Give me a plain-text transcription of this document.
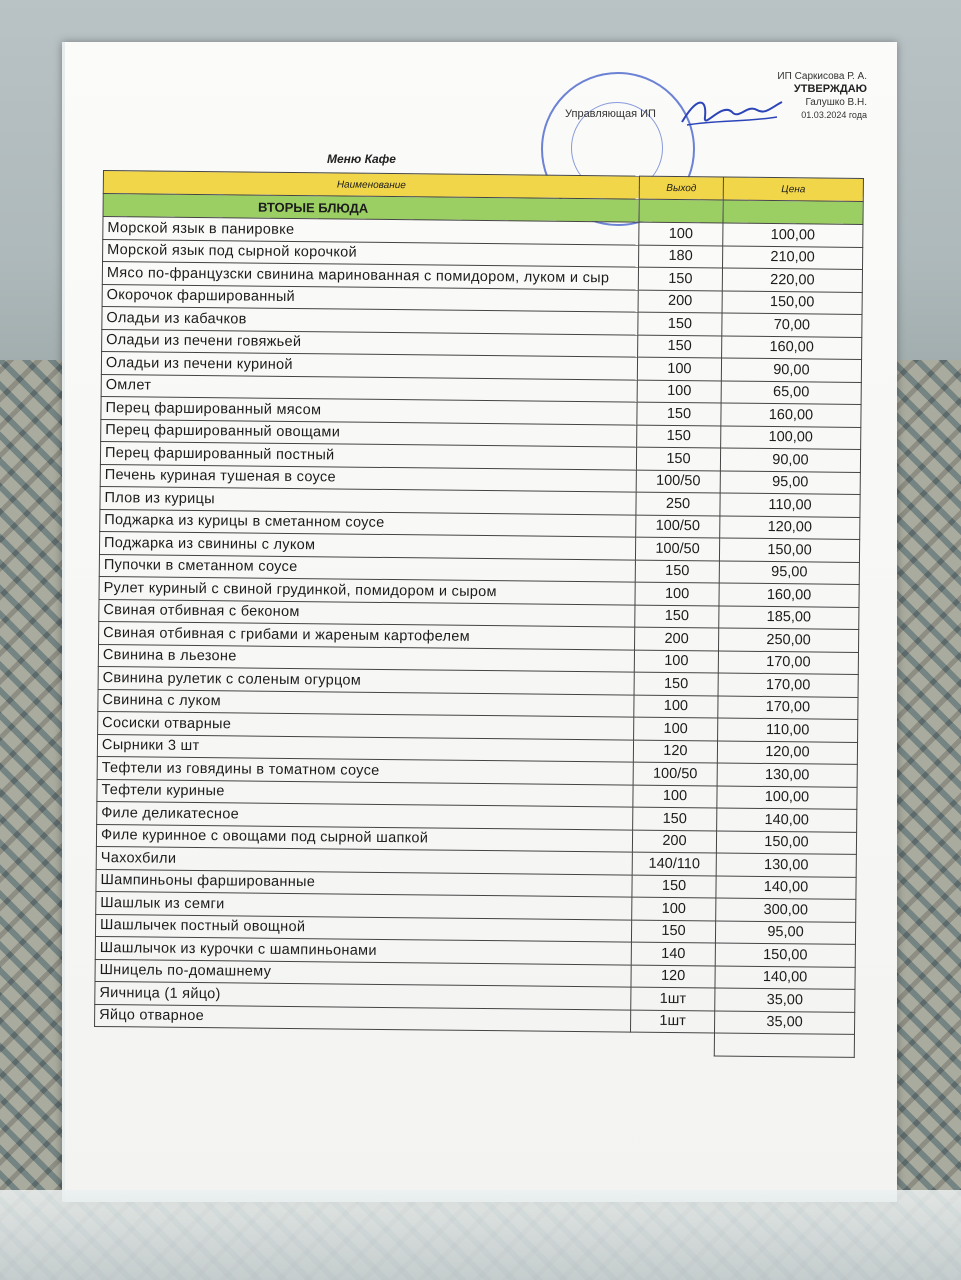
ИП Саркисова Р. А.
УТВЕРЖДАЮ
Галушко В.Н.
01.03.2024 года
Управляющая ИП
Меню Кафе
Наименование	Выход	Цена
ВТОРЫЕ БЛЮДА		
Морской язык в панировке	100	100,00
Морской язык под сырной корочкой	180	210,00
Мясо по-французски свинина маринованная с помидором, луком и сыр	150	220,00
Окорочок фаршированный	200	150,00
Оладьи из кабачков	150	70,00
Оладьи из печени говяжьей	150	160,00
Оладьи из печени куриной	100	90,00
Омлет	100	65,00
Перец фаршированный мясом	150	160,00
Перец фаршированный овощами	150	100,00
Перец фаршированный постный	150	90,00
Печень куриная тушеная в соусе	100/50	95,00
Плов из курицы	250	110,00
Поджарка из курицы в сметанном соусе	100/50	120,00
Поджарка из свинины с луком	100/50	150,00
Пупочки в сметанном соусе	150	95,00
Рулет куриный с свиной грудинкой, помидором и сыром	100	160,00
Свиная отбивная с беконом	150	185,00
Свиная отбивная с грибами и жареным картофелем	200	250,00
Свинина в льезоне	100	170,00
Свинина рулетик с соленым огурцом	150	170,00
Свинина с луком	100	170,00
Сосиски отварные	100	110,00
Сырники 3 шт	120	120,00
Тефтели из говядины в томатном соусе	100/50	130,00
Тефтели куриные	100	100,00
Филе деликатесное	150	140,00
Филе куринное с овощами под сырной шапкой	200	150,00
Чахохбили	140/110	130,00
Шампиньоны фаршированные	150	140,00
Шашлык из семги	100	300,00
Шашлычек постный овощной	150	95,00
Шашлычок из курочки с шампиньонами	140	150,00
Шницель по-домашнему	120	140,00
Яичница (1 яйцо)	1шт	35,00
Яйцо отварное	1шт	35,00
